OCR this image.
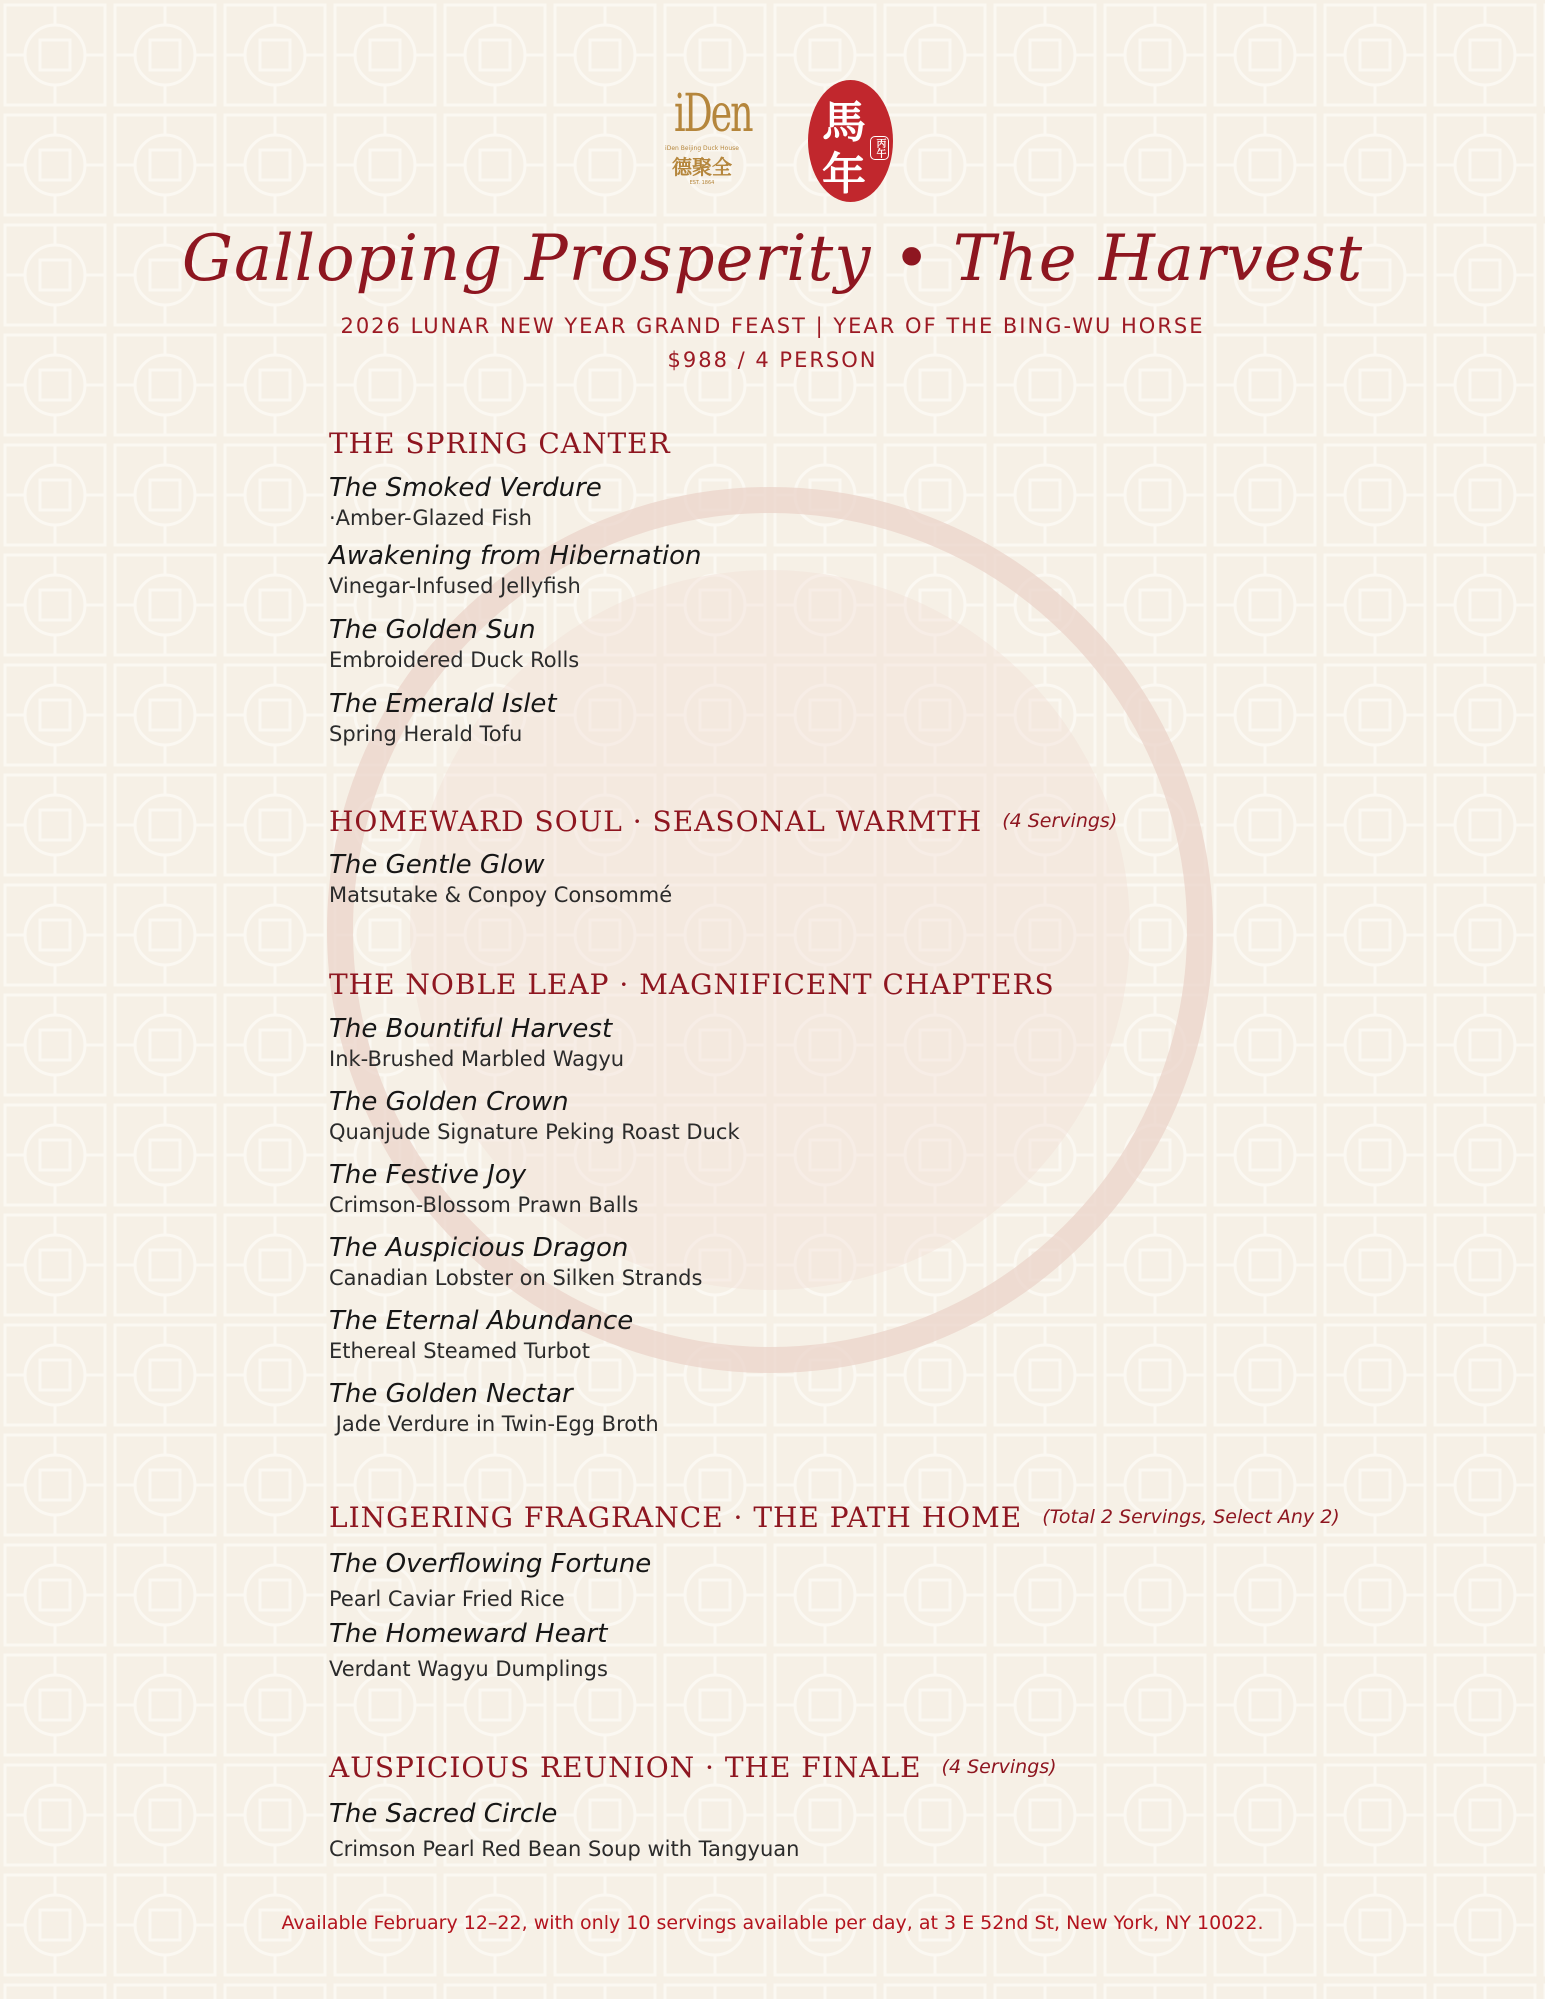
iDen
iDen Beijing Duck House
德聚全
EST. 1864
馬
年
丙午
Galloping Prosperity • The Harvest
2026 LUNAR NEW YEAR GRAND FEAST | YEAR OF THE BING-WU HORSE
$988 / 4 PERSON
THE SPRING CANTER
The Smoked Verdure
·Amber-Glazed Fish
Awakening from Hibernation
Vinegar-Infused Jellyfish
The Golden Sun
Embroidered Duck Rolls
The Emerald Islet
Spring Herald Tofu
HOMEWARD SOUL · SEASONAL WARMTH (4 Servings)
The Gentle Glow
Matsutake & Conpoy Consommé
THE NOBLE LEAP · MAGNIFICENT CHAPTERS
The Bountiful Harvest
Ink-Brushed Marbled Wagyu
The Golden Crown
Quanjude Signature Peking Roast Duck
The Festive Joy
Crimson-Blossom Prawn Balls
The Auspicious Dragon
Canadian Lobster on Silken Strands
The Eternal Abundance
Ethereal Steamed Turbot
The Golden Nectar
Jade Verdure in Twin-Egg Broth
LINGERING FRAGRANCE · THE PATH HOME (Total 2 Servings, Select Any 2)
The Overflowing Fortune
Pearl Caviar Fried Rice
The Homeward Heart
Verdant Wagyu Dumplings
AUSPICIOUS REUNION · THE FINALE (4 Servings)
The Sacred Circle
Crimson Pearl Red Bean Soup with Tangyuan
Available February 12–22, with only 10 servings available per day, at 3 E 52nd St, New York, NY 10022.
